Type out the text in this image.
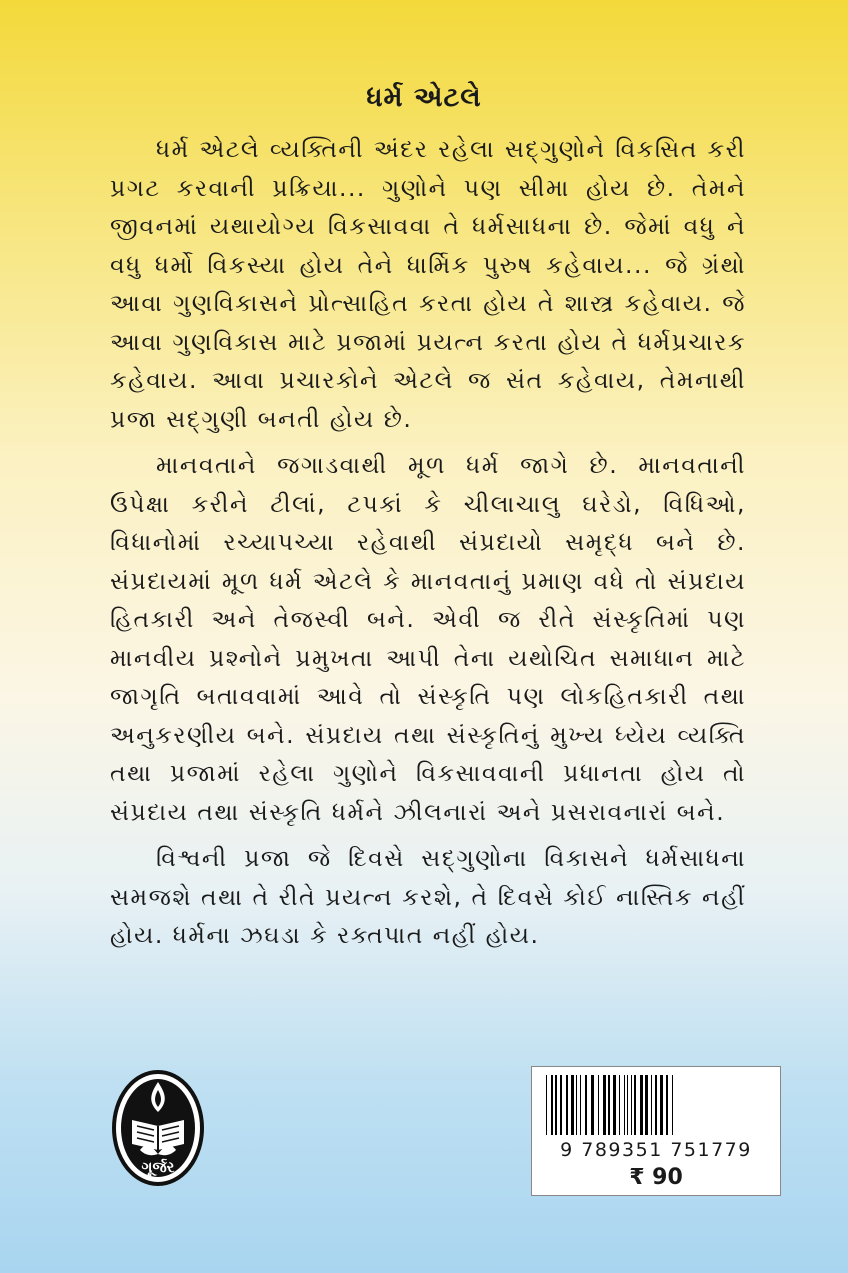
ધર્મ એટલે

ધર્મ એટલે વ્યક્તિની અંદર રહેલા સદ્‌ગુણોને વિકસિત કરી પ્રગટ કરવાની પ્રક્રિયા... ગુણોને પણ સીમા હોય છે. તેમને જીવનમાં યથાયોગ્ય વિકસાવવા તે ધર્મસાધના છે. જેમાં વધુ ને વધુ ધર્મો વિકસ્યા હોય તેને ધાર્મિક પુરુષ કહેવાય... જે ગ્રંથો આવા ગુણવિકાસને પ્રોત્સાહિત કરતા હોય તે શાસ્ત્ર કહેવાય. જે આવા ગુણવિકાસ માટે પ્રજામાં પ્રયત્ન કરતા હોય તે ધર્મપ્રચારક કહેવાય. આવા પ્રચારકોને એટલે જ સંત કહેવાય, તેમનાથી પ્રજા સદ્‌ગુણી બનતી હોય છે.

માનવતાને જગાડવાથી મૂળ ધર્મ જાગે છે. માનવતાની ઉપેક્ષા કરીને ટીલાં, ટપકાં કે ચીલાચાલુ ઘરેડો, વિધિઓ, વિધાનોમાં રચ્યાપચ્યા રહેવાથી સંપ્રદાયો સમૃદ્ધ બને છે. સંપ્રદાયમાં મૂળ ધર્મ એટલે કે માનવતાનું પ્રમાણ વધે તો સંપ્રદાય હિતકારી અને તેજસ્વી બને. એવી જ રીતે સંસ્કૃતિમાં પણ માનવીય પ્રશ્નોને પ્રમુખતા આપી તેના યથોચિત સમાધાન માટે જાગૃતિ બતાવવામાં આવે તો સંસ્કૃતિ પણ લોકહિતકારી તથા અનુકરણીય બને. સંપ્રદાય તથા સંસ્કૃતિનું મુખ્ય ધ્યેય વ્યક્તિ તથા પ્રજામાં રહેલા ગુણોને વિકસાવવાની પ્રધાનતા હોય તો સંપ્રદાય તથા સંસ્કૃતિ ધર્મને ઝીલનારાં અને પ્રસરાવનારાં બને.

વિશ્વની પ્રજા જે દિવસે સદ્‌ગુણોના વિકાસને ધર્મસાધના સમજશે તથા તે રીતે પ્રયત્ન કરશે, તે દિવસે કોઈ નાસ્તિક નહીં હોય. ધર્મના ઝઘડા કે રક્તપાત નહીં હોય.

ગૂર્જર
9 789351 751779
₹ 90
